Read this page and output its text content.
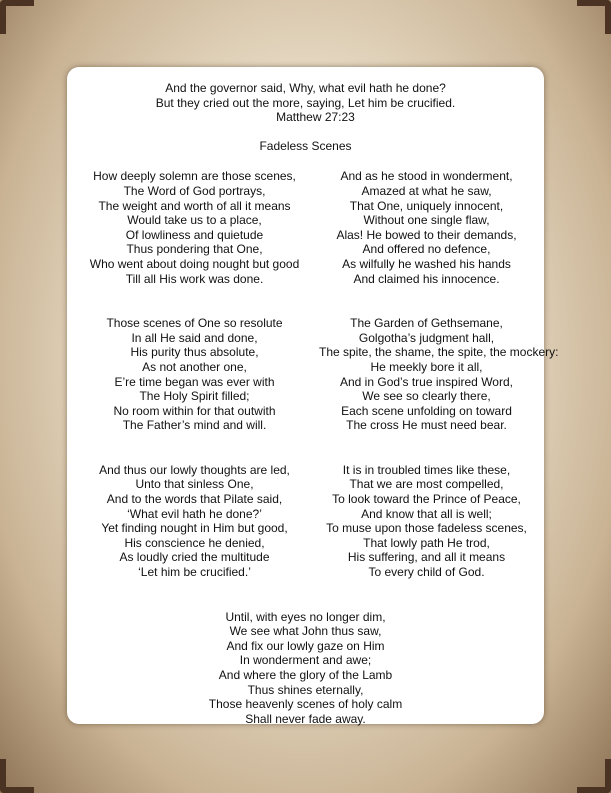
And the governor said, Why, what evil hath he done?
But they cried out the more, saying, Let him be crucified.
Matthew 27:23
Fadeless Scenes
How deeply solemn are those scenes,
The Word of God portrays,
The weight and worth of all it means
Would take us to a place,
Of lowliness and quietude
Thus pondering that One,
Who went about doing nought but good
Till all His work was done.
And as he stood in wonderment,
Amazed at what he saw,
That One, uniquely innocent,
Without one single flaw,
Alas! He bowed to their demands,
And offered no defence,
As wilfully he washed his hands
And claimed his innocence.
Those scenes of One so resolute
In all He said and done,
His purity thus absolute,
As not another one,
E’re time began was ever with
The Holy Spirit filled;
No room within for that outwith
The Father’s mind and will.
The Garden of Gethsemane,
Golgotha’s judgment hall,
The spite, the shame, the spite, the mockery:
He meekly bore it all,
And in God’s true inspired Word,
We see so clearly there,
Each scene unfolding on toward
The cross He must need bear.
And thus our lowly thoughts are led,
Unto that sinless One,
And to the words that Pilate said,
‘What evil hath he done?’
Yet finding nought in Him but good,
His conscience he denied,
As loudly cried the multitude
‘Let him be crucified.’
It is in troubled times like these,
That we are most compelled,
To look toward the Prince of Peace,
And know that all is well;
To muse upon those fadeless scenes,
That lowly path He trod,
His suffering, and all it means
To every child of God.
Until, with eyes no longer dim,
We see what John thus saw,
And fix our lowly gaze on Him
In wonderment and awe;
And where the glory of the Lamb
Thus shines eternally,
Those heavenly scenes of holy calm
Shall never fade away.
